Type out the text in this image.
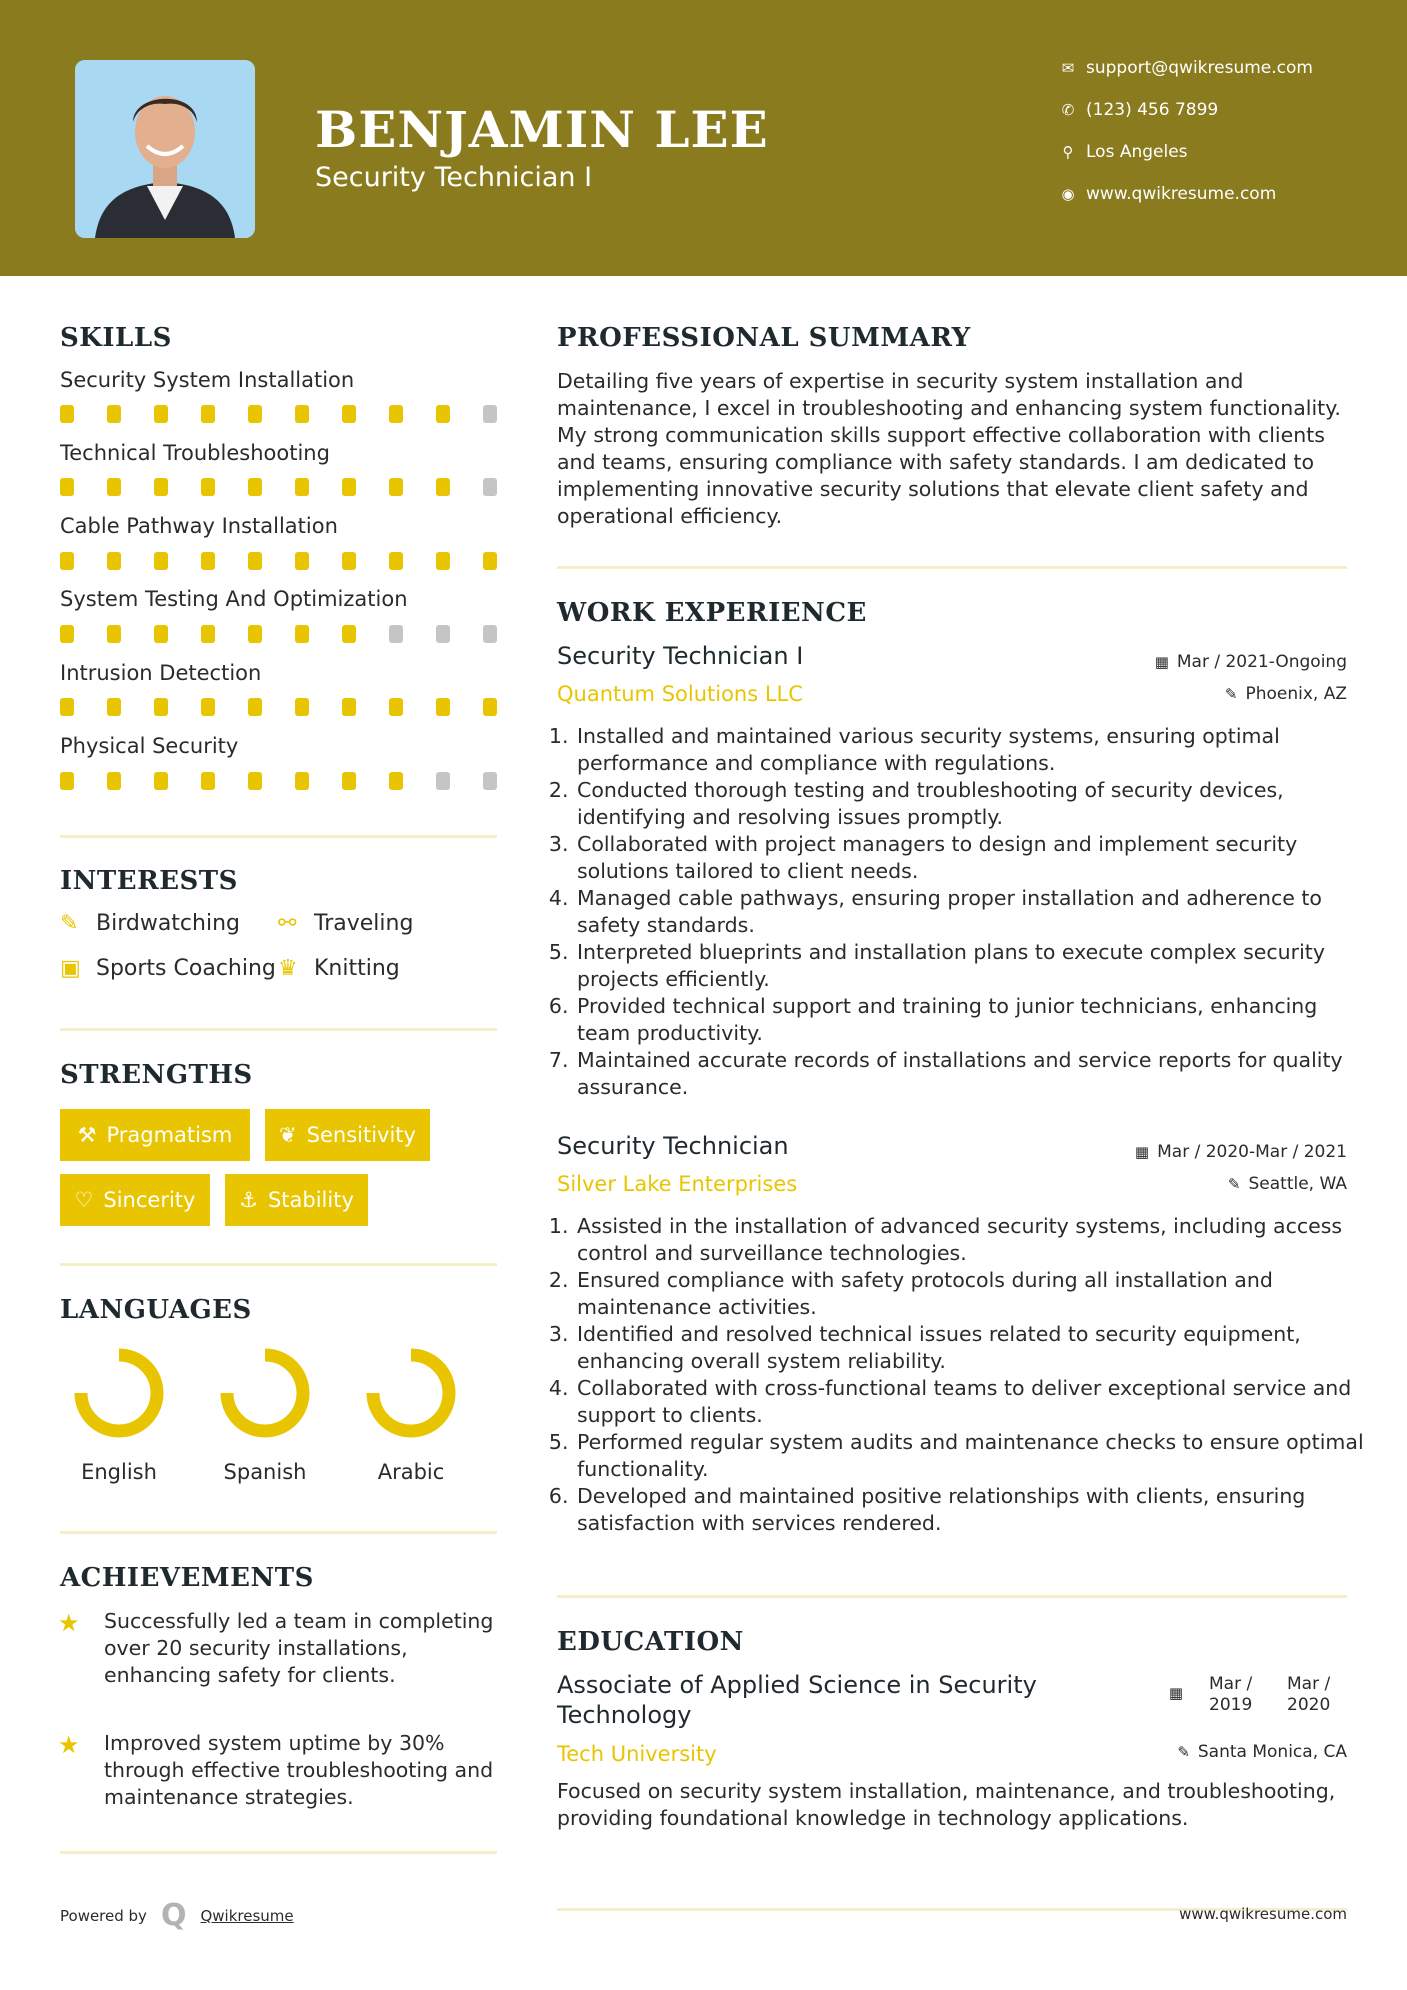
BENJAMIN LEE
Security Technician I
✉ support@qwikresume.com
✆ (123) 456 7899
⚲ Los Angeles
◉ www.qwikresume.com
SKILLS
Security System Installation
Technical Troubleshooting
Cable Pathway Installation
System Testing And Optimization
Intrusion Detection
Physical Security
INTERESTS
✎ Birdwatching ⚯ Traveling
▣ Sports Coaching ♛ Knitting
STRENGTHS
⚒ Pragmatism ❦ Sensitivity
♡ Sincerity ⚓ Stability
LANGUAGES
English	Spanish	Arabic
ACHIEVEMENTS
★ Successfully led a team in completing over 20 security installations, enhancing safety for clients.
★ Improved system uptime by 30% through effective troubleshooting and maintenance strategies.
PROFESSIONAL SUMMARY
Detailing five years of expertise in security system installation and maintenance, I excel in troubleshooting and enhancing system functionality. My strong communication skills support effective collaboration with clients and teams, ensuring compliance with safety standards. I am dedicated to implementing innovative security solutions that elevate client safety and operational efficiency.
WORK EXPERIENCE
Security Technician I	▦ Mar / 2021-Ongoing
Quantum Solutions LLC	✎ Phoenix, AZ
1. Installed and maintained various security systems, ensuring optimal performance and compliance with regulations.
2. Conducted thorough testing and troubleshooting of security devices, identifying and resolving issues promptly.
3. Collaborated with project managers to design and implement security solutions tailored to client needs.
4. Managed cable pathways, ensuring proper installation and adherence to safety standards.
5. Interpreted blueprints and installation plans to execute complex security projects efficiently.
6. Provided technical support and training to junior technicians, enhancing team productivity.
7. Maintained accurate records of installations and service reports for quality assurance.
Security Technician	▦ Mar / 2020-Mar / 2021
Silver Lake Enterprises	✎ Seattle, WA
1. Assisted in the installation of advanced security systems, including access control and surveillance technologies.
2. Ensured compliance with safety protocols during all installation and maintenance activities.
3. Identified and resolved technical issues related to security equipment, enhancing overall system reliability.
4. Collaborated with cross-functional teams to deliver exceptional service and support to clients.
5. Performed regular system audits and maintenance checks to ensure optimal functionality.
6. Developed and maintained positive relationships with clients, ensuring satisfaction with services rendered.
EDUCATION
Associate of Applied Science in Security Technology
▦ Mar / 2019
Mar / 2020
Tech University	✎ Santa Monica, CA
Focused on security system installation, maintenance, and troubleshooting, providing foundational knowledge in technology applications.
Powered by Q Qwikresume	www.qwikresume.com
